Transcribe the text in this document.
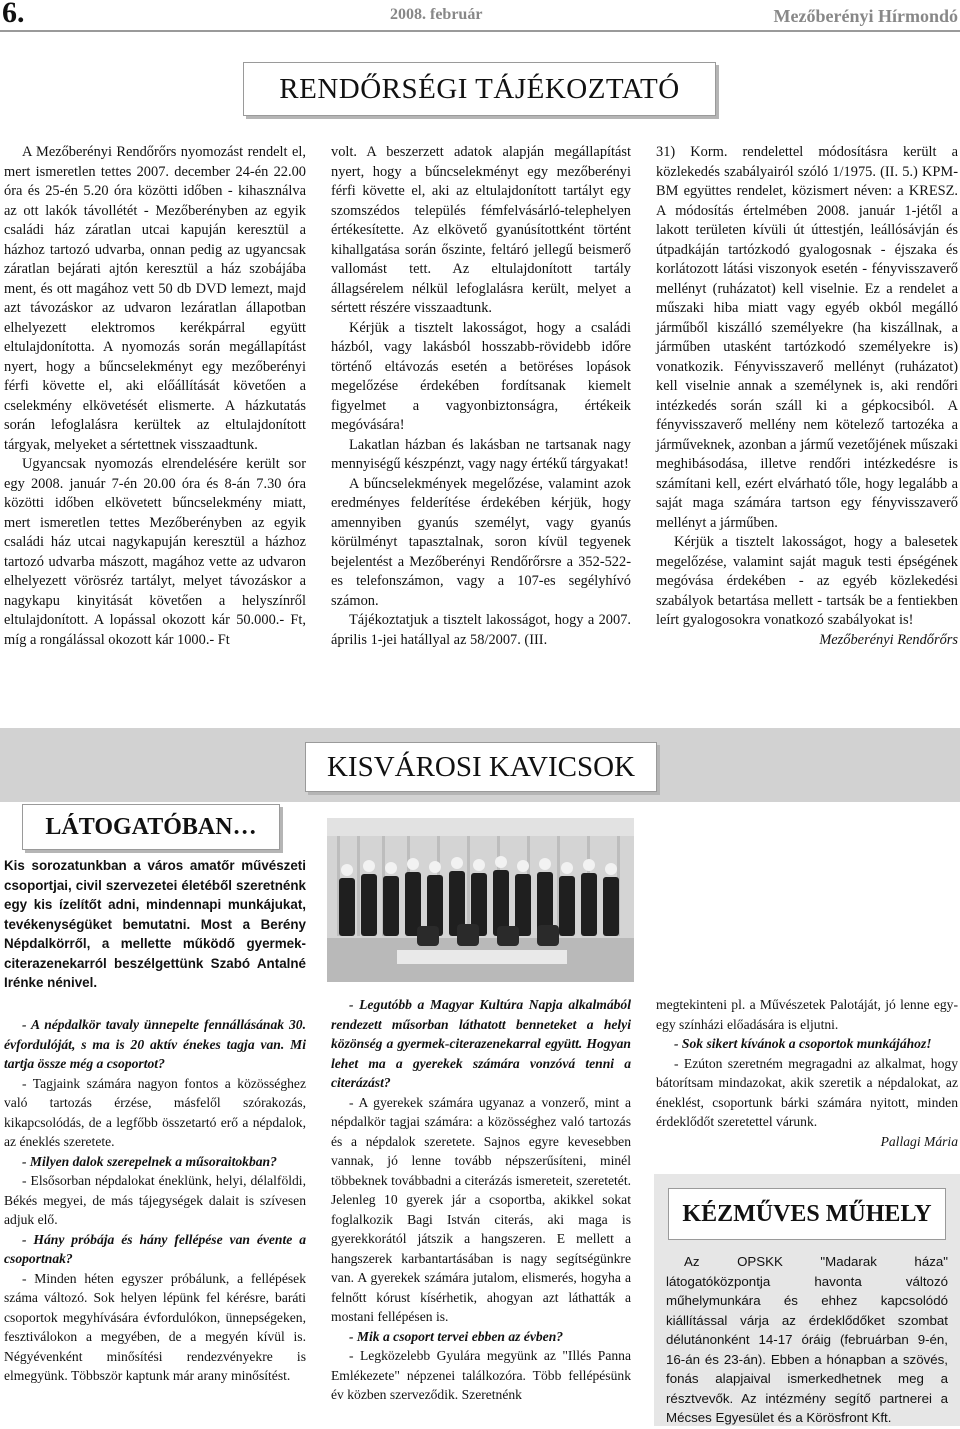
6.	2008. február	Mezőberényi Hírmondó
RENDŐRSÉGI TÁJÉKOZTATÓ

A Mezőberényi Rendőrőrs nyomozást rendelt el, mert ismeretlen tettes 2007. december 24-én 22.00 óra és 25-én 5.20 óra közötti időben - kihasználva az ott lakók távollétét - Mezőberényben az egyik családi ház záratlan utcai kapuján keresztül a házhoz tartozó udvarba, onnan pedig az ugyancsak záratlan bejárati ajtón keresztül a ház szobájába ment, és ott magához vett 50 db DVD lemezt, majd azt távozáskor az udvaron lezáratlan állapotban elhelyezett elektromos kerékpárral együtt eltulajdonította. A nyomozás során megállapítást nyert, hogy a bűncselekményt egy mezőberényi férfi követte el, aki előállítását követően a cselekmény elkövetését elismerte. A házkutatás során lefoglalásra kerültek az eltulajdonított tárgyak, melyeket a sértettnek visszaadtunk.

Ugyancsak nyomozás elrendelésére került sor egy 2008. január 7-én 20.00 óra és 8-án 7.30 óra közötti időben elkövetett bűncselekmény miatt, mert ismeretlen tettes Mezőberényben az egyik családi ház utcai nagykapuján keresztül a házhoz tartozó udvarba mászott, magához vette az udvaron elhelyezett vörösréz tartályt, melyet távozáskor a nagykapu kinyitását követően a helyszínről eltulajdonított. A lopással okozott kár 50.000.- Ft, míg a rongálással okozott kár 1000.- Ft

volt. A beszerzett adatok alapján megállapítást nyert, hogy a bűncselekményt egy mezőberényi férfi követte el, aki az eltulajdonított tartályt egy szomszédos település fémfelvásárló-telephelyen értékesítette. Az elkövető gyanúsítottként történt kihallgatása során őszinte, feltáró jellegű beismerő vallomást tett. Az eltulajdonított tartály állagsérelem nélkül lefoglalásra került, melyet a sértett részére visszaadtunk.

Kérjük a tisztelt lakosságot, hogy a családi házból, vagy lakásból hosszabb-rövidebb időre történő eltávozás esetén a betöréses lopások megelőzése érdekében fordítsanak kiemelt figyelmet a vagyonbiztonságra, értékeik megóvására!

Lakatlan házban és lakásban ne tartsanak nagy mennyiségű készpénzt, vagy nagy értékű tárgyakat!

A bűncselekmények megelőzése, valamint azok eredményes felderítése érdekében kérjük, hogy amennyiben gyanús személyt, vagy gyanús körülményt tapasztalnak, soron kívül tegyenek bejelentést a Mezőberényi Rendőrőrsre a 352-522-es telefonszámon, vagy a 107-es segélyhívó számon.

Tájékoztatjuk a tisztelt lakosságot, hogy a 2007. április 1-jei hatállyal az 58/2007. (III.

31) Korm. rendelettel módosításra került a közlekedés szabályairól szóló 1/1975. (II. 5.) KPM-BM együttes rendelet, közismert néven: a KRESZ. A módosítás értelmében 2008. január 1-jétől a lakott területen kívüli út úttestjén, leállósávján és útpadkáján tartózkodó gyalogosnak - éjszaka és korlátozott látási viszonyok esetén - fényvisszaverő mellényt (ruházatot) kell viselnie. Ez a rendelet a műszaki hiba miatt vagy egyéb okból megálló járműből kiszálló személyekre (ha kiszállnak, a járműben utasként tartózkodó személyekre is) vonatkozik. Fényvisszaverő mellényt (ruházatot) kell viselnie annak a személynek is, aki rendőri intézkedés során száll ki a gépkocsiból. A fényvisszaverő mellény nem kötelező tartozéka a járműveknek, azonban a jármű vezetőjének műszaki meghibásodása, illetve rendőri intézkedésre is számítani kell, ezért elvárható tőle, hogy legalább a saját maga számára tartson egy fényvisszaverő mellényt a járműben.

Kérjük a tisztelt lakosságot, hogy a balesetek megelőzése, valamint saját maguk testi épségének megóvása érdekében - az egyéb közlekedési szabályok betartása mellett - tartsák be a fentiekben leírt gyalogosokra vonatkozó szabályokat is!

Mezőberényi Rendőrőrs

KISVÁROSI KAVICSOK
LÁTOGATÓBAN…

Kis sorozatunkban a város amatőr művészeti csoportjai, civil szervezetei életéből szeretnénk egy kis ízelítőt adni, mindennapi munkájukat, tevékenységüket bemutatni. Most a Berény Népdalkörről, a mellette működő gyermek-citerazenekarról beszélgettünk Szabó Antalné Irénke nénivel.

- A népdalkör tavaly ünnepelte fennállásának 30. évfordulóját, s ma is 20 aktív énekes tagja van. Mi tartja össze még a csoportot?

- Tagjaink számára nagyon fontos a közösséghez való tartozás érzése, másfelől szórakozás, kikapcsolódás, de a legfőbb összetartó erő a népdalok, az éneklés szeretete.

- Milyen dalok szerepelnek a műsoraitokban?

- Elsősorban népdalokat éneklünk, helyi, délalföldi, Békés megyei, de más tájegységek dalait is szívesen adjuk elő.

- Hány próbája és hány fellépése van évente a csoportnak?

- Minden héten egyszer próbálunk, a fellépések száma változó. Sok helyen lépünk fel kérésre, baráti csoportok megyhívására évfordulókon, ünnepségeken, fesztiválokon a megyében, de a megyén kívül is. Négyévenként minősítési rendezvényekre is elmegyünk. Többször kaptunk már arany minősítést.

- Legutóbb a Magyar Kultúra Napja alkalmából rendezett műsorban láthatott benneteket a helyi közönség a gyermek-citerazenekarral együtt. Hogyan lehet ma a gyerekek számára vonzóvá tenni a citerázást?

- A gyerekek számára ugyanaz a vonzerő, mint a népdalkör tagjai számára: a közösséghez való tartozás és a népdalok szeretete. Sajnos egyre kevesebben vannak, jó lenne tovább népszerűsíteni, minél többeknek továbbadni a citerázás ismereteit, szeretetét. Jelenleg 10 gyerek jár a csoportba, akikkel sokat foglalkozik Bagi István citerás, aki maga is gyerekkorától játszik a hangszeren. E mellett a hangszerek karbantartásában is nagy segítségünkre van. A gyerekek számára jutalom, elismerés, hogyha a felnőtt kórust kísérhetik, ahogyan azt láthatták a mostani fellépésen is.

- Mik a csoport tervei ebben az évben?

- Legközelebb Gyulára megyünk az "Illés Panna Emlékezete" népzenei találkozóra. Több fellépésünk év közben szerveződik. Szeretnénk

megtekinteni pl. a Művészetek Palotáját, jó lenne egy-egy színházi előadására is eljutni.

- Sok sikert kívánok a csoportok munkájához!

- Ezúton szeretném megragadni az alkalmat, hogy bátorítsam mindazokat, akik szeretik a népdalokat, az éneklést, csoportunk bárki számára nyitott, minden érdeklődőt szeretettel várunk.

Pallagi Mária

KÉZMŰVES MŰHELY

Az OPSKK "Madarak háza" látogatóközpontja havonta változó műhelymunkára és ehhez kapcsolódó kiállítással várja az érdeklődőket szombat délutánonként 14-17 óráig (februárban 9-én, 16-án és 23-án). Ebben a hónapban a szövés, fonás alapjaival ismerkedhetnek meg a résztvevők. Az intézmény segítő partnerei a Mécses Egyesület és a Körösfront Kft.
